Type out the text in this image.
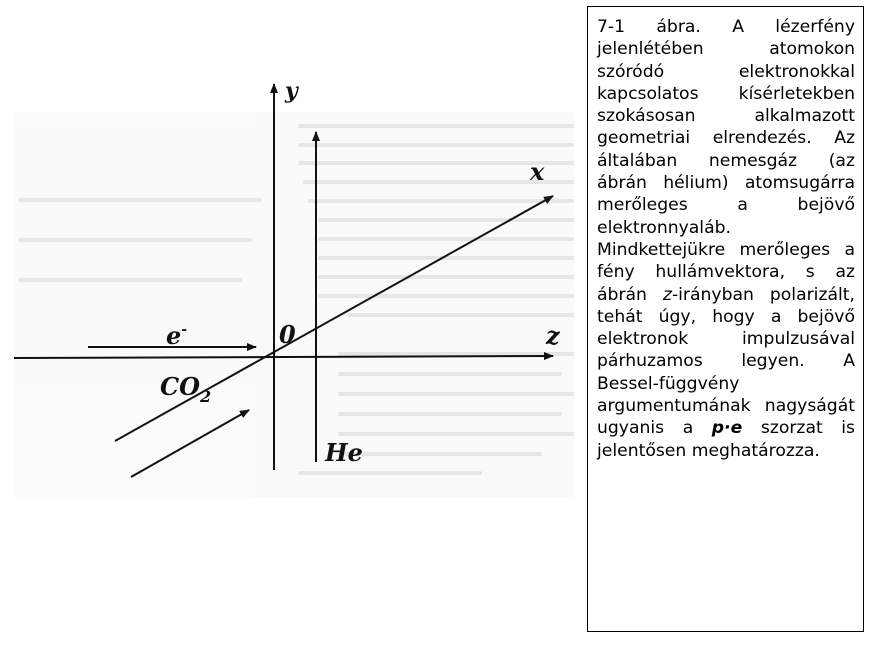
y
x
z
0
e-
$CO_2$
He
7-1 ábra. A lézerfény jelenlétében atomokon szóródó elektronokkal kapcsolatos kísérletekben szokásosan alkalmazott geometriai elrendezés. Az általában nemesgáz (az ábrán hélium) atomsugárra merőleges a bejövő elektronnyaláb. Mindkettejükre merőleges a fény hullámvektora, s az ábrán z-irányban polarizált, tehát úgy, hogy a bejövő elektronok impulzusával párhuzamos legyen. A Bessel-függvény argumentumának nagyságát ugyanis a p·e szorzat is jelentősen meghatározza.
